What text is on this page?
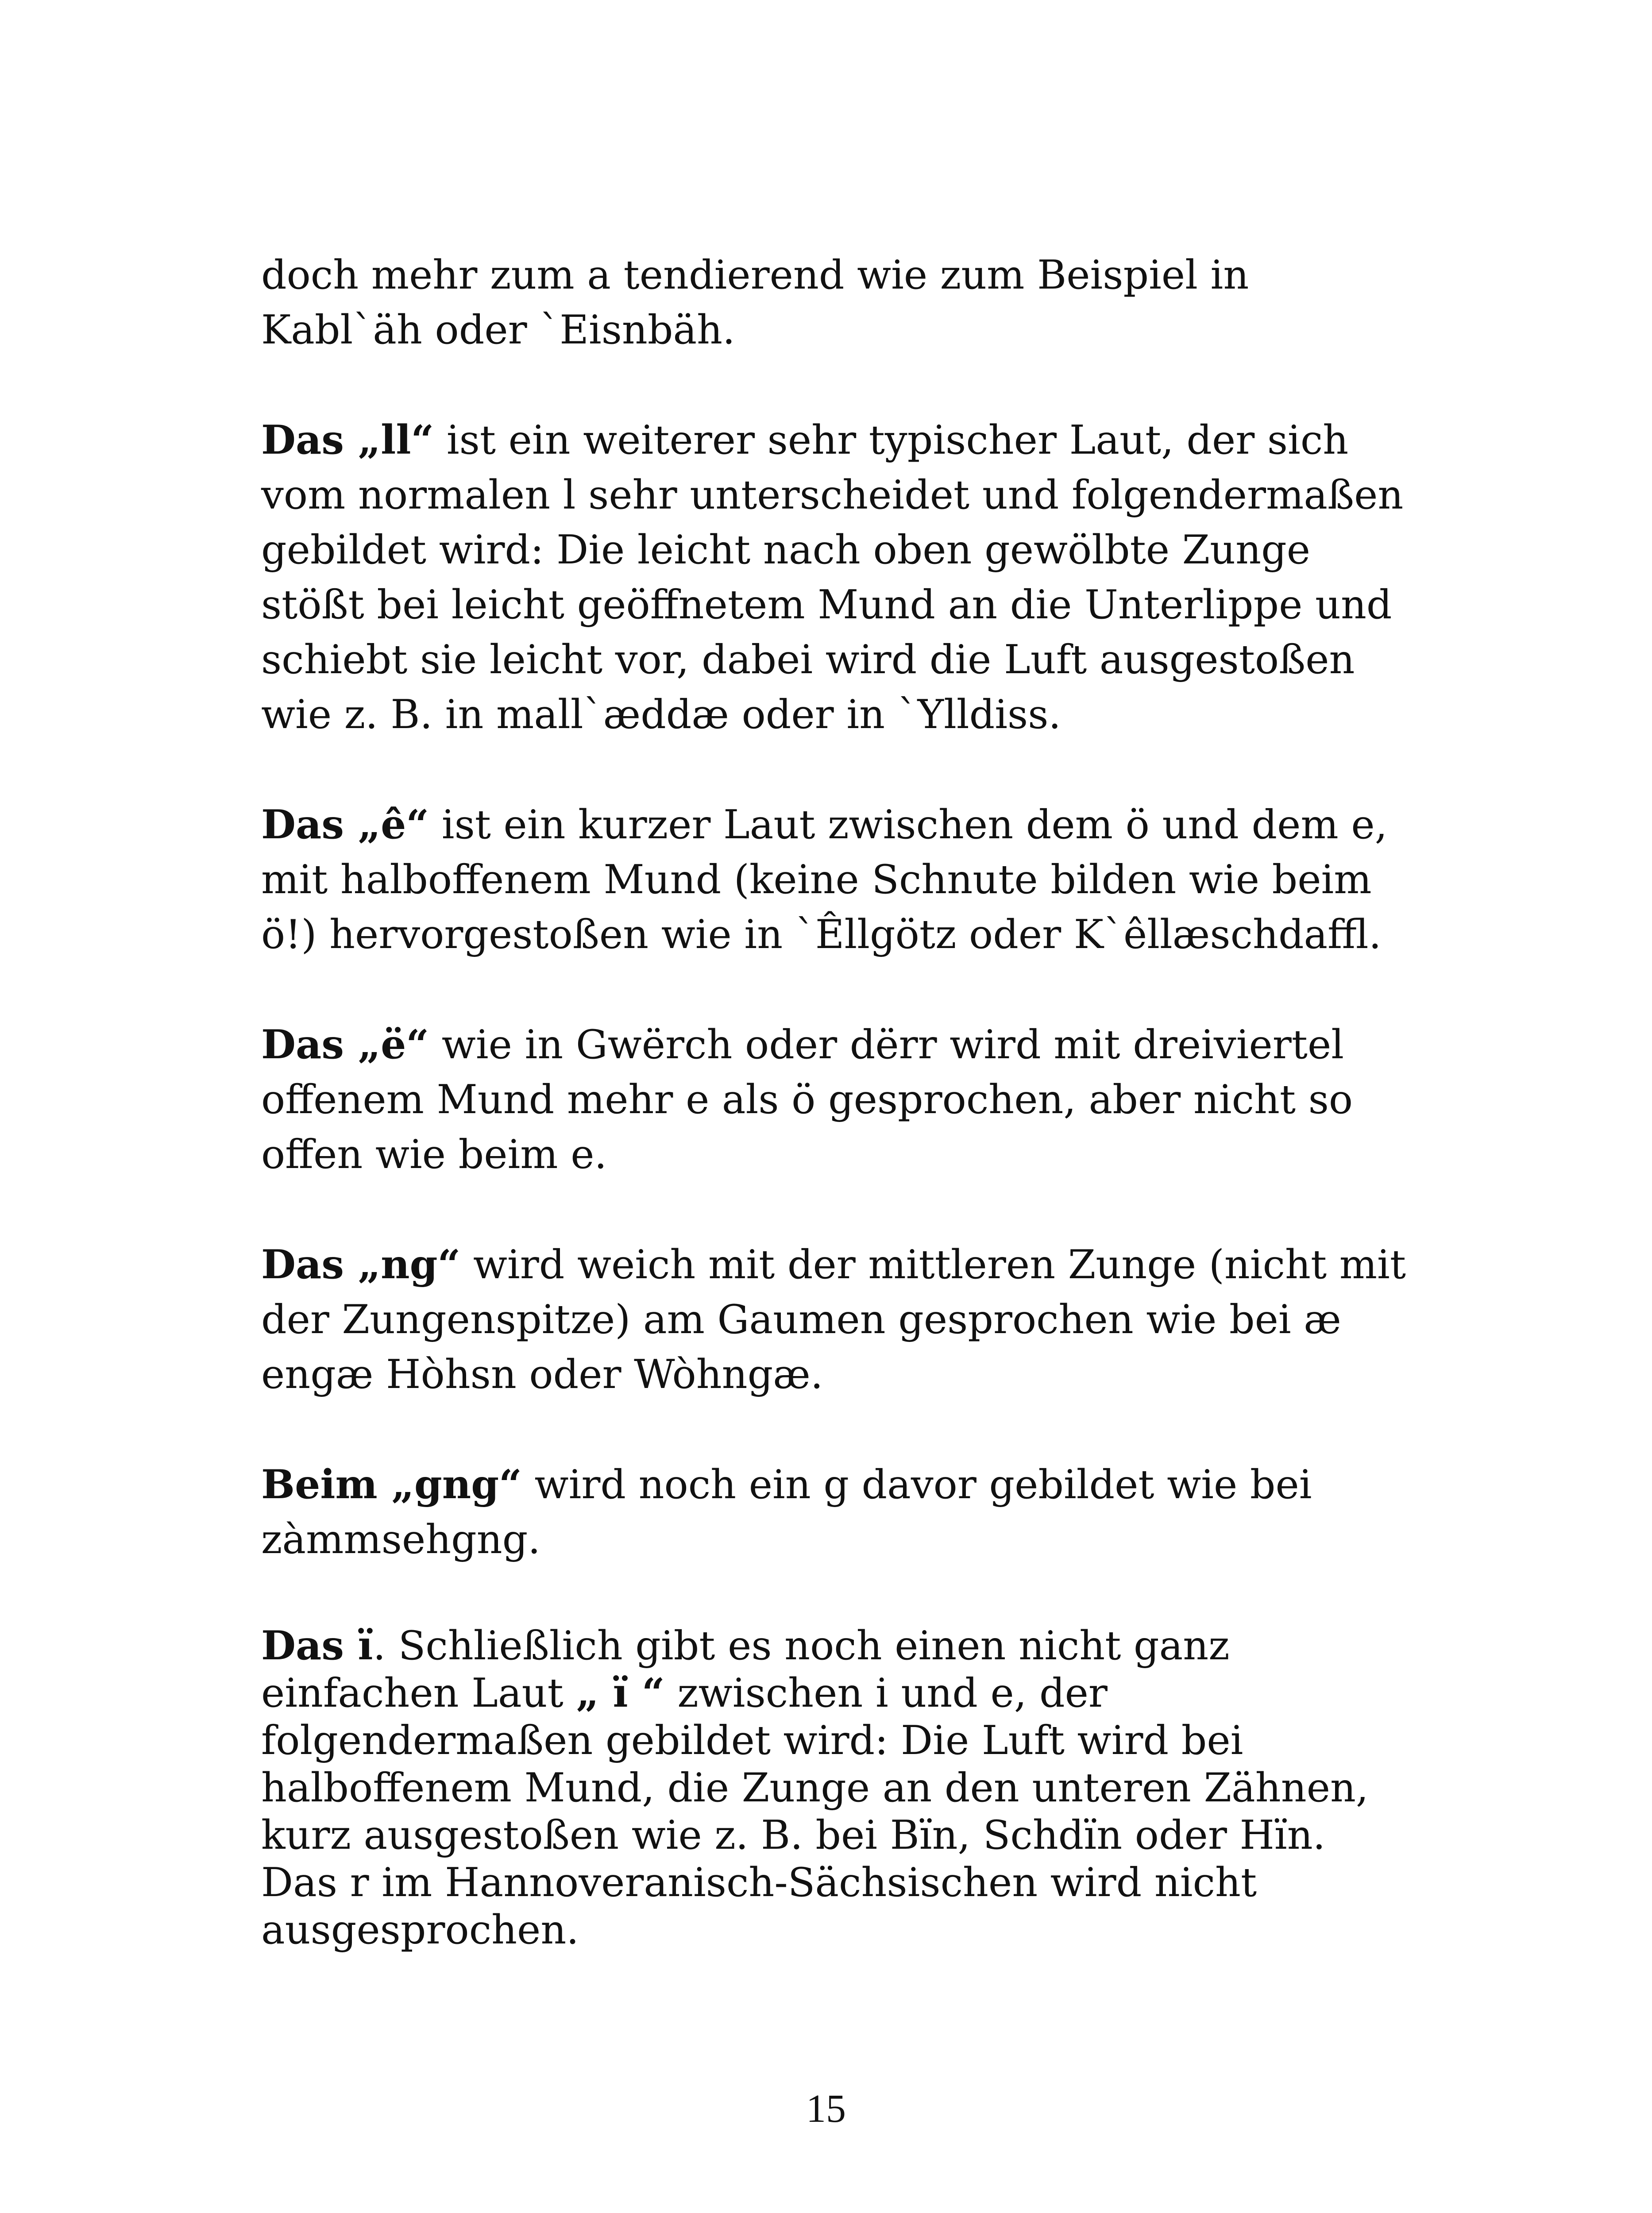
doch mehr zum a tendierend wie zum Beispiel in Kabl`äh oder `Eisnbäh.

Das „ll“ ist ein weiterer sehr typischer Laut, der sich vom normalen l sehr unterscheidet und folgendermaßen gebildet wird: Die leicht nach oben gewölbte Zunge stößt bei leicht geöffnetem Mund an die Unterlippe und schiebt sie leicht vor, dabei wird die Luft ausgestoßen wie z. B. in mall`æddæ oder in `Ylldiss.

Das „ê“ ist ein kurzer Laut zwischen dem ö und dem e, mit halboffenem Mund (keine Schnute bilden wie beim ö!) hervorgestoßen wie in `Êllgötz oder K`êllæschdaffl.

Das „ë“ wie in Gwërch oder dërr wird mit dreiviertel offenem Mund mehr e als ö gesprochen, aber nicht so offen wie beim e.

Das „ng“ wird weich mit der mittleren Zunge (nicht mit der Zungenspitze) am Gaumen gesprochen wie bei æ engæ Hòhsn oder Wòhngæ.

Beim „gng“ wird noch ein g davor gebildet wie bei zàmmsehgng.

Das ï. Schließlich gibt es noch einen nicht ganz einfachen Laut „ ï “ zwischen i und e, der folgendermaßen gebildet wird: Die Luft wird bei halboffenem Mund, die Zunge an den unteren Zähnen, kurz ausgestoßen wie z. B. bei Bïn, Schdïn oder Hïn. Das r im Hannoveranisch-Sächsischen wird nicht ausgesprochen.

15
